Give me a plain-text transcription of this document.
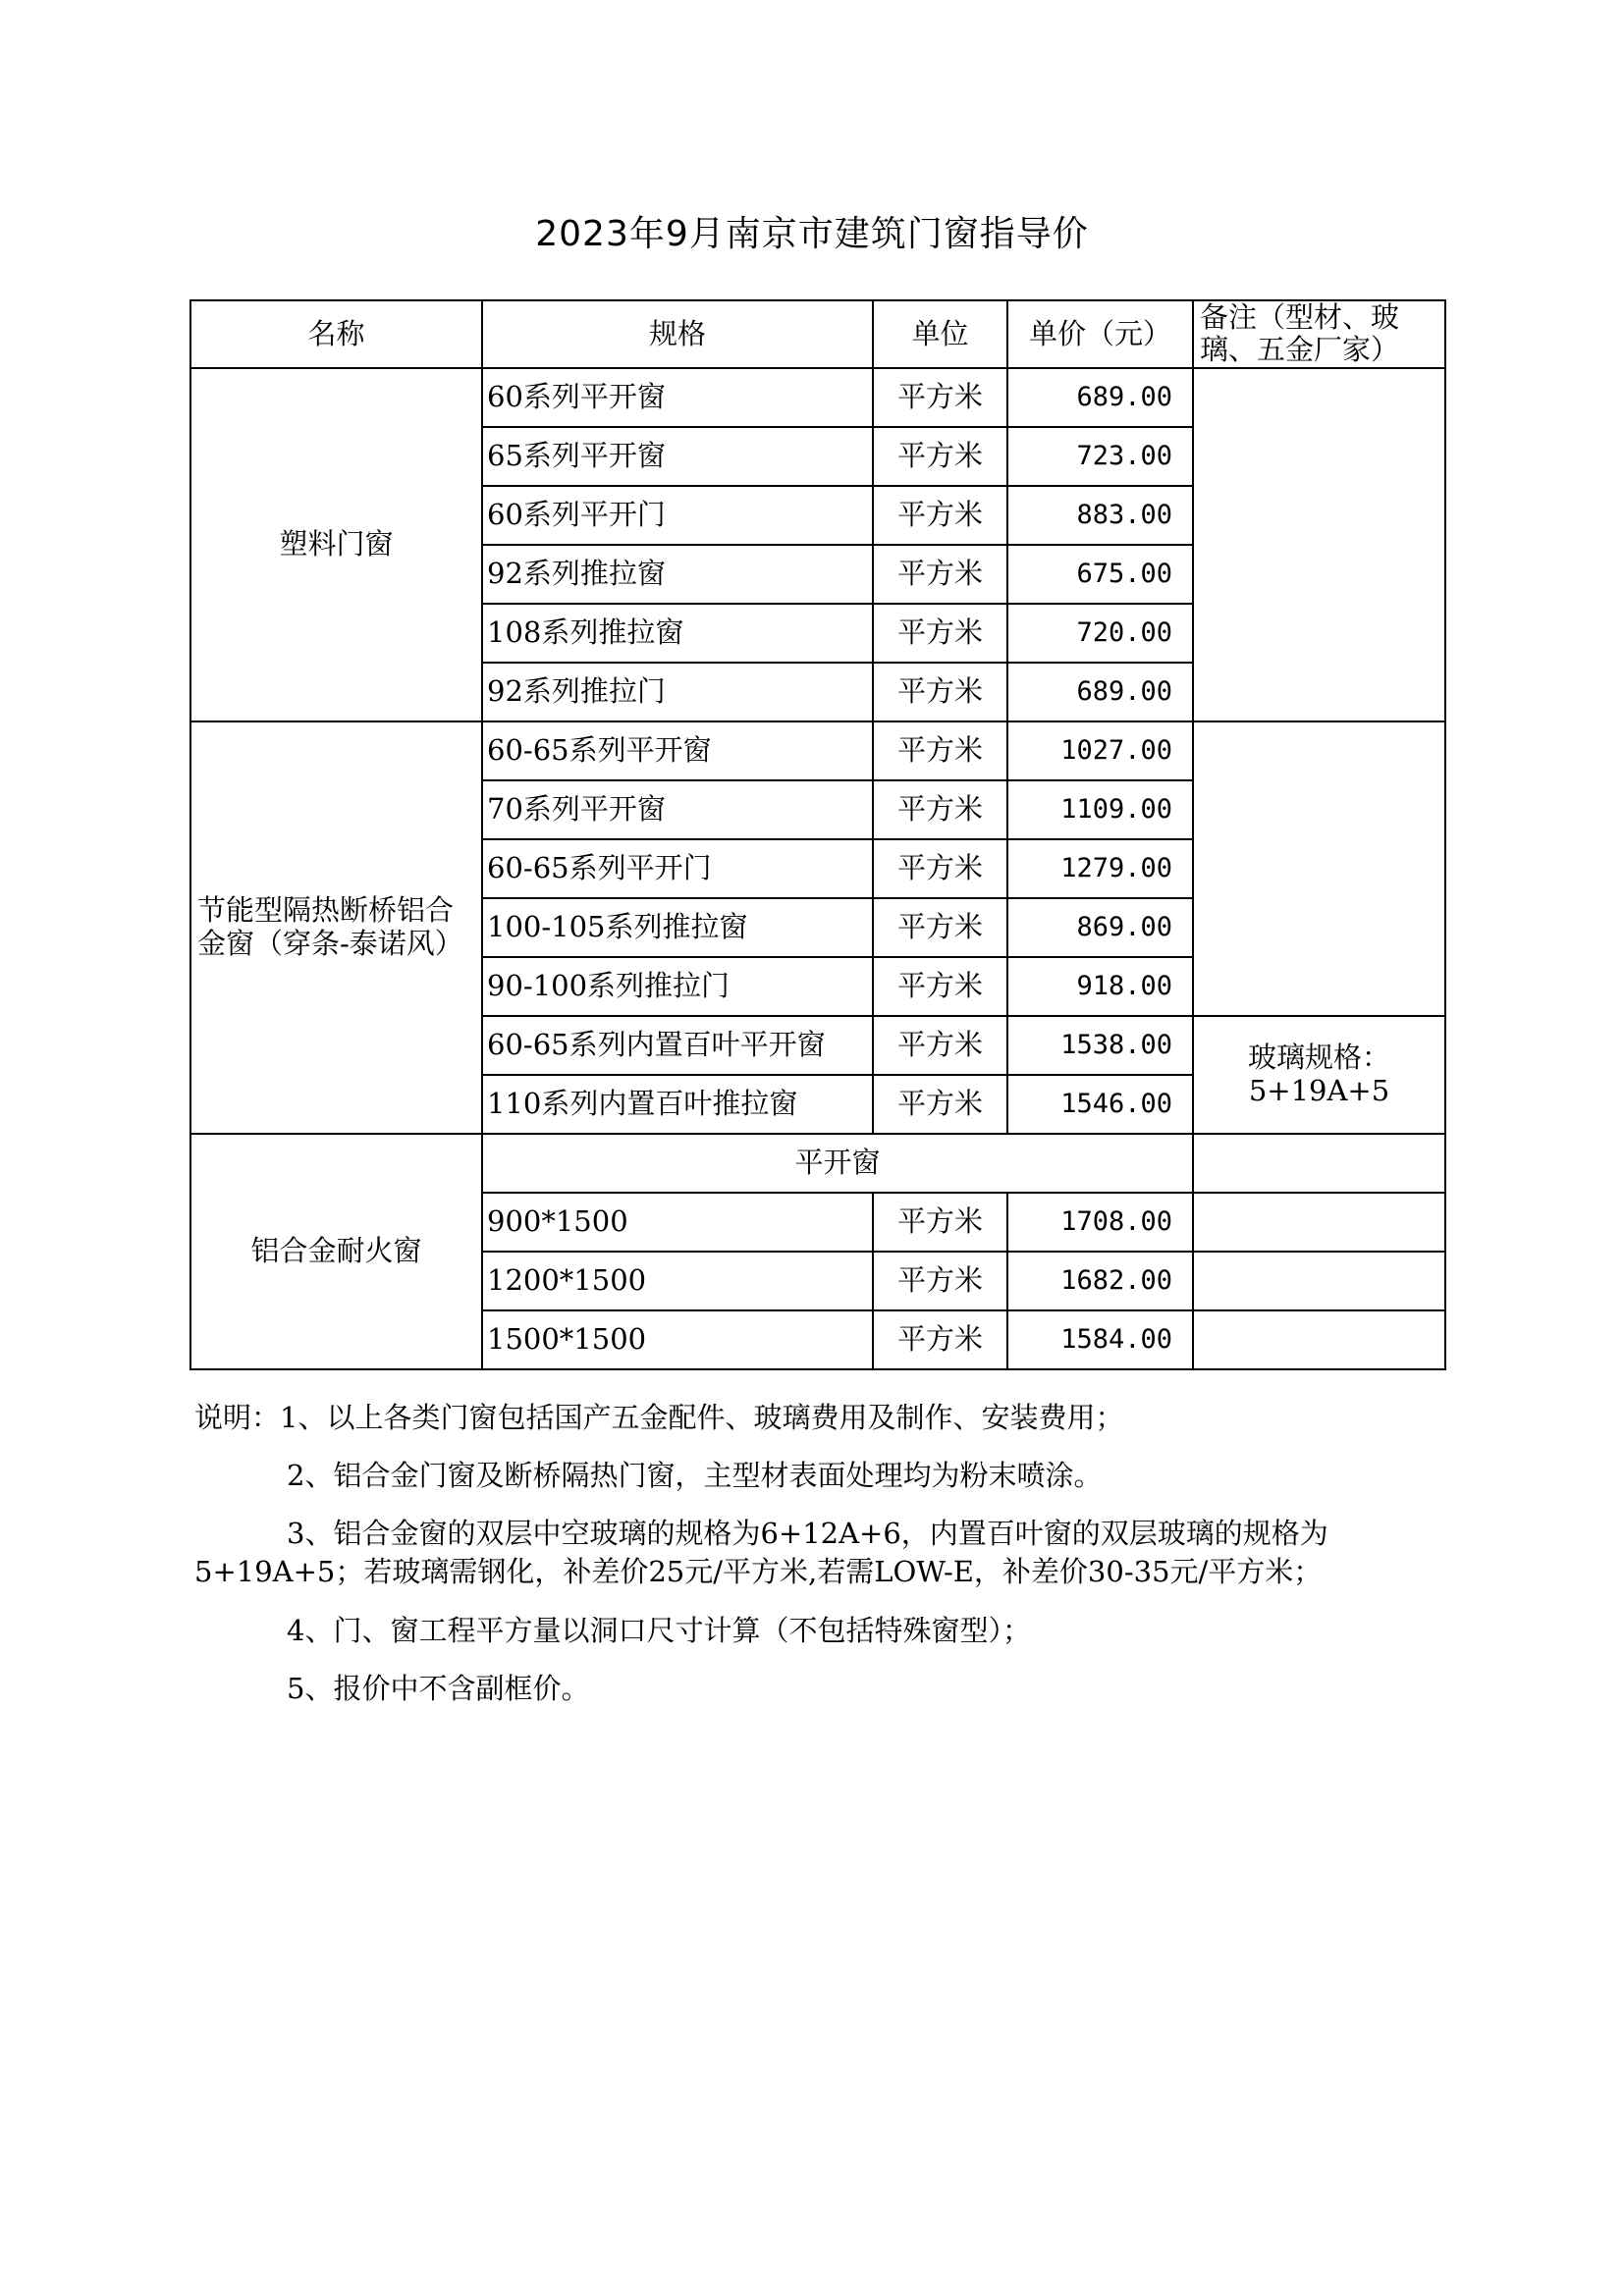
2023年9月南京市建筑门窗指导价
名称	规格	单位	单价（元）	备注（型材、玻璃、五金厂家）
塑料门窗	60系列平开窗	平方米	689.00	
	65系列平开窗	平方米	723.00	
	60系列平开门	平方米	883.00	
	92系列推拉窗	平方米	675.00	
	108系列推拉窗	平方米	720.00	
	92系列推拉门	平方米	689.00	
节能型隔热断桥铝合金窗（穿条-泰诺风）	60-65系列平开窗	平方米	1027.00	
	70系列平开窗	平方米	1109.00	
	60-65系列平开门	平方米	1279.00	
	100-105系列推拉窗	平方米	869.00	
	90-100系列推拉门	平方米	918.00	
	60-65系列内置百叶平开窗	平方米	1538.00	玻璃规格：5+19A+5
	110系列内置百叶推拉窗	平方米	1546.00	
铝合金耐火窗	平开窗			
	900*1500	平方米	1708.00	
	1200*1500	平方米	1682.00	
	1500*1500	平方米	1584.00	

说明：1、以上各类门窗包括国产五金配件、玻璃费用及制作、安装费用；

2、铝合金门窗及断桥隔热门窗，主型材表面处理均为粉末喷涂。

3、铝合金窗的双层中空玻璃的规格为6+12A+6，内置百叶窗的双层玻璃的规格为

5+19A+5；若玻璃需钢化，补差价25元/平方米,若需LOW-E，补差价30-35元/平方米；

4、门、窗工程平方量以洞口尺寸计算（不包括特殊窗型）；

5、报价中不含副框价。
